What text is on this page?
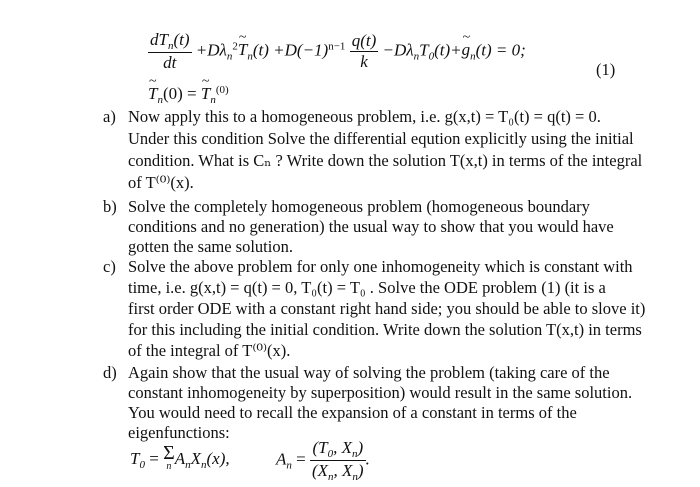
$\frac{dT_n(t)}{dt}$ $+D\lambda_n^2\sim$ $T_n(t) +D(-1)^{n-1} \frac{q(t)}{k}$ $-D\lambda_nT_0(t)+\sim$ $g_n(t) = 0$;
(1)
~ $T_n(0)$ = ~ $T_n^{(0)}$
a) Now apply this to a homogeneous problem, i.e. g(x,t) = T₀(t) = q(t) = 0.
Under this condition Solve the differential eqution explicitly using the initial
condition. What is Cₙ ? Write down the solution T(x,t) in terms of the integral
of T⁽⁰⁾(x).
b) Solve the completely homogeneous problem (homogeneous boundary
conditions and no generation) the usual way to show that you would have
gotten the same solution.
c) Solve the above problem for only one inhomogeneity which is constant with
time, i.e. g(x,t) = q(t) = 0, T₀(t) = T₀ . Solve the ODE problem (1) (it is a
first order ODE with a constant right hand side; you should be able to slove it)
for this including the initial condition. Write down the solution T(x,t) in terms
of the integral of T⁽⁰⁾(x).
d) Again show that the usual way of solving the problem (taking care of the
constant inhomogeneity by superposition) would result in the same solution.
You would need to recall the expansion of a constant in terms of the
eigenfunctions:
$T_0 = \Sigma$
n $A_nX_n(x)$,	$A_n = \frac{(T_0, X_n)}{(X_n, X_n)}$ .
